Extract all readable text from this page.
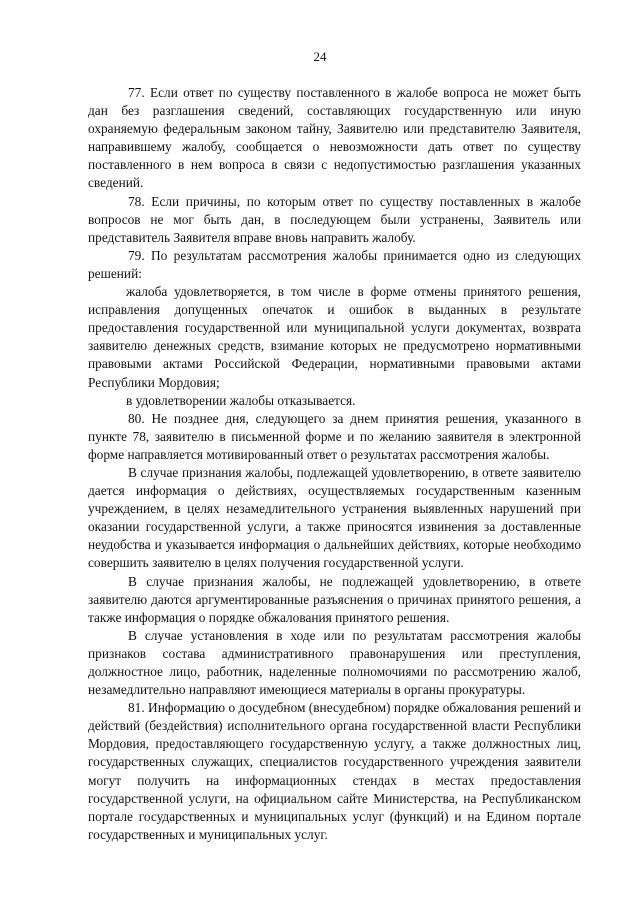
24

77. Если ответ по существу поставленного в жалобе вопроса не может быть дан без разглашения сведений, составляющих государственную или иную охраняемую федеральным законом тайну, Заявителю или представителю Заявителя, направившему жалобу, сообщается о невозможности дать ответ по существу поставленного в нем вопроса в связи с недопустимостью разглашения указанных сведений.

78. Если причины, по которым ответ по существу поставленных в жалобе вопросов не мог быть дан, в последующем были устранены, Заявитель или представитель Заявителя вправе вновь направить жалобу.

79. По результатам рассмотрения жалобы принимается одно из следующих решений:

жалоба удовлетворяется, в том числе в форме отмены принятого решения, исправления допущенных опечаток и ошибок в выданных в результате предоставления государственной или муниципальной услуги документах, возврата заявителю денежных средств, взимание которых не предусмотрено нормативными правовыми актами Российской Федерации, нормативными правовыми актами Республики Мордовия;

в удовлетворении жалобы отказывается.

80. Не позднее дня, следующего за днем принятия решения, указанного в пункте 78, заявителю в письменной форме и по желанию заявителя в электронной форме направляется мотивированный ответ о результатах рассмотрения жалобы.

В случае признания жалобы, подлежащей удовлетворению, в ответе заявителю дается информация о действиях, осуществляемых государственным казенным учреждением, в целях незамедлительного устранения выявленных нарушений при оказании государственной услуги, а также приносятся извинения за доставленные неудобства и указывается информация о дальнейших действиях, которые необходимо совершить заявителю в целях получения государственной услуги.

В случае признания жалобы, не подлежащей удовлетворению, в ответе заявителю даются аргументированные разъяснения о причинах принятого решения, а также информация о порядке обжалования принятого решения.

В случае установления в ходе или по результатам рассмотрения жалобы признаков состава административного правонарушения или преступления, должностное лицо, работник, наделенные полномочиями по рассмотрению жалоб, незамедлительно направляют имеющиеся материалы в органы прокуратуры.

81. Информацию о досудебном (внесудебном) порядке обжалования решений и действий (бездействия) исполнительного органа государственной власти Республики Мордовия, предоставляющего государственную услугу, а также должностных лиц, государственных служащих, специалистов государственного учреждения заявители могут получить на информационных стендах в местах предоставления государственной услуги, на официальном сайте Министерства, на Республиканском портале государственных и муниципальных услуг (функций) и на Едином портале государственных и муниципальных услуг.
